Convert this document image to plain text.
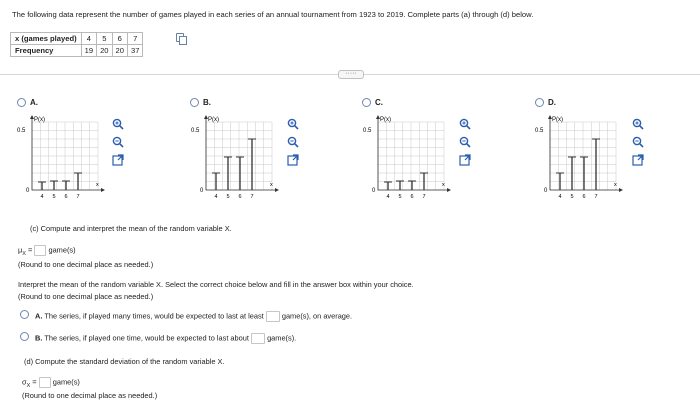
The following data represent the number of games played in each series of an annual tournament from 1923 to 2019. Complete parts (a) through (d) below.
x (games played)	4	5	6	7
Frequency	19	20	20	37
·····
A.
P(x)
0.5
0
x
4 5 6 7
B.
P(x)
0.5
0
x
4 5 6 7
C.
P(x)
0.5
0
x
4 5 6 7
D.
P(x)
0.5
0
x
4 5 6 7
(c) Compute and interpret the mean of the random variable X.
$\mu_X$ = game(s)
(Round to one decimal place as needed.)
Interpret the mean of the random variable X. Select the correct choice below and fill in the answer box within your choice.
(Round to one decimal place as needed.)
A. The series, if played many times, would be expected to last at least game(s), on average.
B. The series, if played one time, would be expected to last about game(s).
(d) Compute the standard deviation of the random variable X.
$\sigma_X$ = game(s)
(Round to one decimal place as needed.)
